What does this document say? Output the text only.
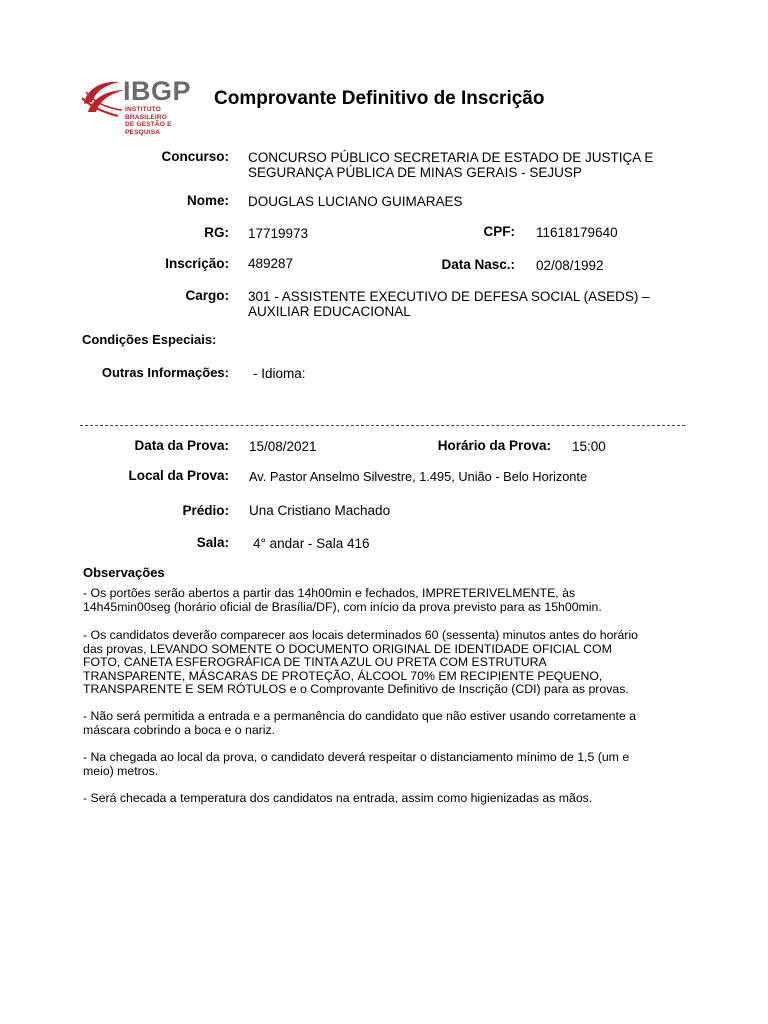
IBGP
INSTITUTO BRASILEIRO
DE GESTÃO E PESQUISA
Comprovante Definitivo de Inscrição
Concurso: CONCURSO PÚBLICO SECRETARIA DE ESTADO DE JUSTIÇA E
SEGURANÇA PÚBLICA DE MINAS GERAIS - SEJUSP
Nome: DOUGLAS LUCIANO GUIMARAES
RG: 17719973	CPF: 11618179640
Inscrição: 489287	Data Nasc.: 02/08/1992
Cargo: 301 - ASSISTENTE EXECUTIVO DE DEFESA SOCIAL (ASEDS) –
AUXILIAR EDUCACIONAL
Condições Especiais:
Outras Informações: - Idioma:
Data da Prova: 15/08/2021	Horário da Prova: 15:00
Local da Prova: Av. Pastor Anselmo Silvestre, 1.495, União - Belo Horizonte
Prédio: Una Cristiano Machado
Sala: 4° andar - Sala 416
Observações
- Os portões serão abertos a partir das 14h00min e fechados, IMPRETERIVELMENTE, às
14h45min00seg (horário oficial de Brasília/DF), com início da prova previsto para as 15h00min.
- Os candidatos deverão comparecer aos locais determinados 60 (sessenta) minutos antes do horário
das provas, LEVANDO SOMENTE O DOCUMENTO ORIGINAL DE IDENTIDADE OFICIAL COM
FOTO, CANETA ESFEROGRÁFICA DE TINTA AZUL OU PRETA COM ESTRUTURA
TRANSPARENTE, MÁSCARAS DE PROTEÇÃO, ÁLCOOL 70% EM RECIPIENTE PEQUENO,
TRANSPARENTE E SEM RÓTULOS e o Comprovante Definitivo de Inscrição (CDI) para as provas.
- Não será permitida a entrada e a permanência do candidato que não estiver usando corretamente a
máscara cobrindo a boca e o nariz.
- Na chegada ao local da prova, o candidato deverá respeitar o distanciamento mínimo de 1,5 (um e
meio) metros.
- Será checada a temperatura dos candidatos na entrada, assim como higienizadas as mãos.
